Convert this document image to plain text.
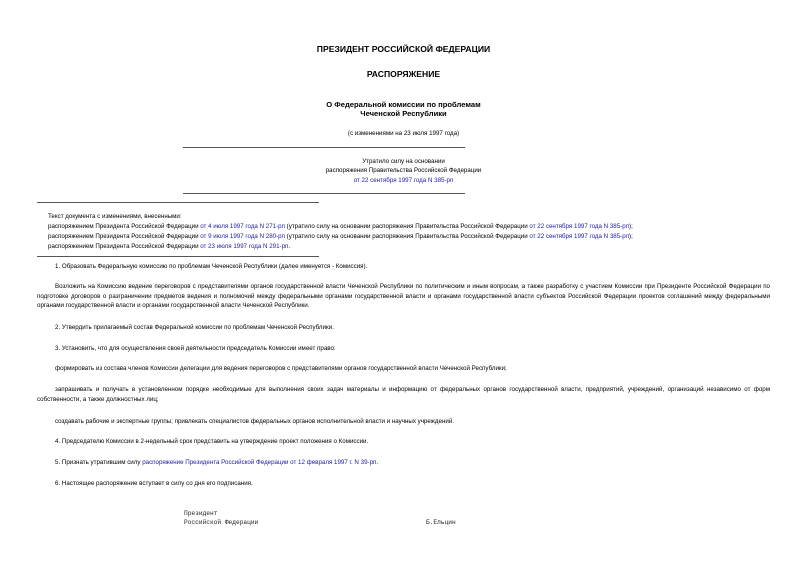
ПРЕЗИДЕНТ РОССИЙСКОЙ ФЕДЕРАЦИИ
РАСПОРЯЖЕНИЕ
О Федеральной комиссии по проблемам
Чеченской Республики
(с изменениями на 23 июля 1997 года)
Утратило силу на основании
распоряжения Правительства Российской Федерации
от 22 сентября 1997 года N 385-рп
Текст документа с изменениями, внесенными:
распоряжением Президента Российской Федерации от 4 июля 1997 года N 271-рп (утратило силу на основании распоряжения Правительства Российской Федерации от 22 сентября 1997 года N 385-рп);
распоряжением Президента Российской Федерации от 9 июля 1997 года N 280-рп (утратило силу на основании распоряжения Правительства Российской Федерации от 22 сентября 1997 года N 385-рп);
распоряжением Президента Российской Федерации от 23 июля 1997 года N 291-рп.
1. Образовать Федеральную комиссию по проблемам Чеченской Республики (далее именуется - Комиссия).
Возложить на Комиссию ведение переговоров с представителями органов государственной власти Чеченской Республики по политическим и иным вопросам, а также разработку с участием Комиссии при Президенте Российской Федерации по подготовке договоров о разграничении предметов ведения и полномочий между федеральными органами государственной власти и органами государственной власти субъектов Российской Федерации проектов соглашений между федеральными органами государственной власти и органами государственной власти Чеченской Республики.
2. Утвердить прилагаемый состав Федеральной комиссии по проблемам Чеченской Республики.
3. Установить, что для осуществления своей деятельности председатель Комиссии имеет право:
формировать из состава членов Комиссии делегации для ведения переговоров с представителями органов государственной власти Чеченской Республики;
запрашивать и получать в установленном порядке необходимые для выполнения своих задач материалы и информацию от федеральных органов государственной власти, предприятий, учреждений, организаций независимо от форм собственности, а также должностных лиц;
создавать рабочие и экспертные группы; привлекать специалистов федеральных органов исполнительной власти и научных учреждений.
4. Председателю Комиссии в 2-недельный срок представить на утверждение проект положения о Комиссии.
5. Признать утратившим силу распоряжение Президента Российской Федерации от 12 февраля 1997 г. N 39-рп.
6. Настоящее распоряжение вступает в силу со дня его подписания.
Президент
Российской Федерации	Б.Ельцин
